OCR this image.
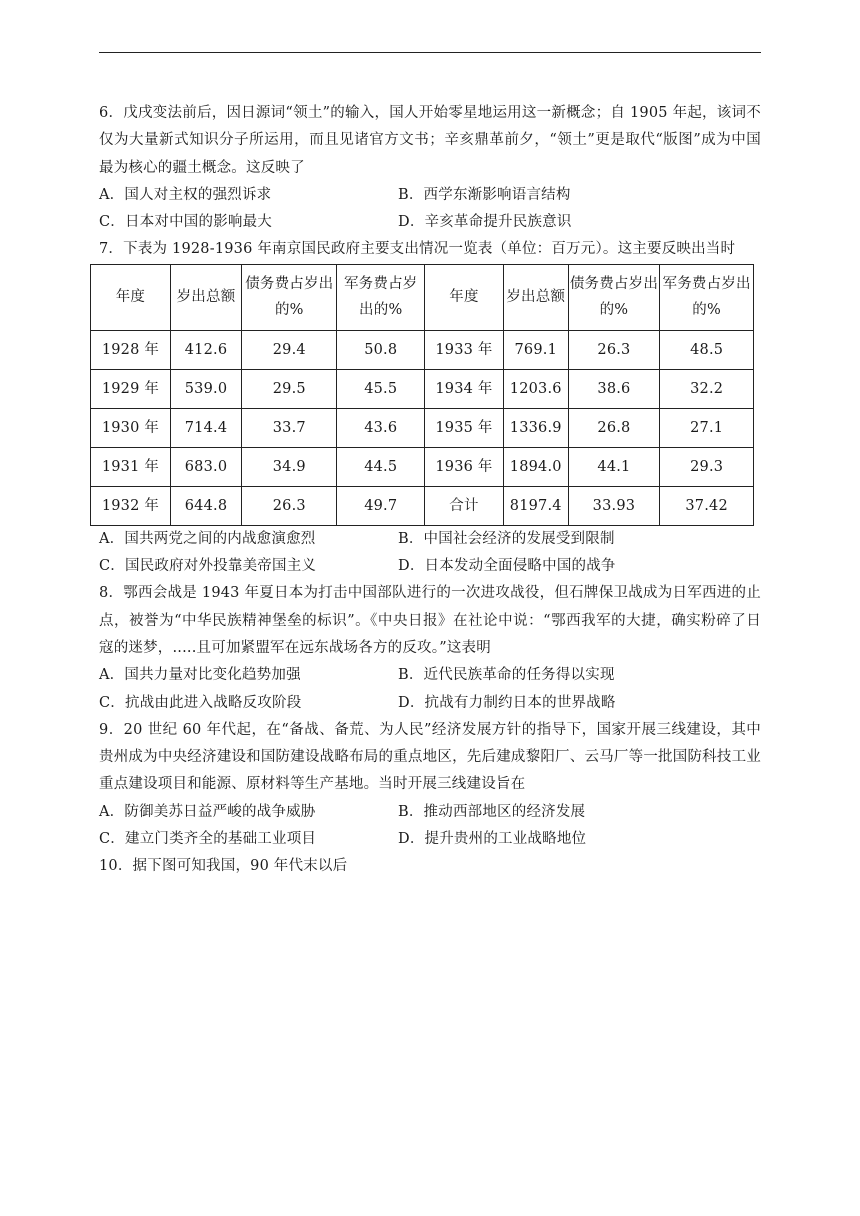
6．戊戌变法前后，因日源词“领土”的输入，国人开始零星地运用这一新概念；自 1905 年起，该词不仅为大量新式知识分子所运用，而且见诸官方文书；辛亥鼎革前夕，“领土”更是取代“版图”成为中国最为核心的疆土概念。这反映了

A．国人对主权的强烈诉求	B．西学东渐影响语言结构
C．日本对中国的影响最大	D．辛亥革命提升民族意识

7．下表为 1928-1936 年南京国民政府主要支出情况一览表（单位：百万元）。这主要反映出当时

年度	岁出总额	债务费占岁出的%	军务费占岁出的%	年度	岁出总额	债务费占岁出的%	军务费占岁出的%
1928 年	412.6	29.4	50.8	1933 年	769.1	26.3	48.5
1929 年	539.0	29.5	45.5	1934 年	1203.6	38.6	32.2
1930 年	714.4	33.7	43.6	1935 年	1336.9	26.8	27.1
1931 年	683.0	34.9	44.5	1936 年	1894.0	44.1	29.3
1932 年	644.8	26.3	49.7	合计	8197.4	33.93	37.42
A．国共两党之间的内战愈演愈烈	B．中国社会经济的发展受到限制
C．国民政府对外投靠美帝国主义	D．日本发动全面侵略中国的战争

8．鄂西会战是 1943 年夏日本为打击中国部队进行的一次进攻战役，但石牌保卫战成为日军西进的止点，被誉为“中华民族精神堡垒的标识”。《中央日报》在社论中说：“鄂西我军的大捷，确实粉碎了日寇的迷梦，.....且可加紧盟军在远东战场各方的反攻。”这表明

A．国共力量对比变化趋势加强	B．近代民族革命的任务得以实现
C．抗战由此进入战略反攻阶段	D．抗战有力制约日本的世界战略

9．20 世纪 60 年代起，在“备战、备荒、为人民”经济发展方针的指导下，国家开展三线建设，其中贵州成为中央经济建设和国防建设战略布局的重点地区，先后建成黎阳厂、云马厂等一批国防科技工业重点建设项目和能源、原材料等生产基地。当时开展三线建设旨在

A．防御美苏日益严峻的战争威胁	B．推动西部地区的经济发展
C．建立门类齐全的基础工业项目	D．提升贵州的工业战略地位

10．据下图可知我国，90 年代末以后
